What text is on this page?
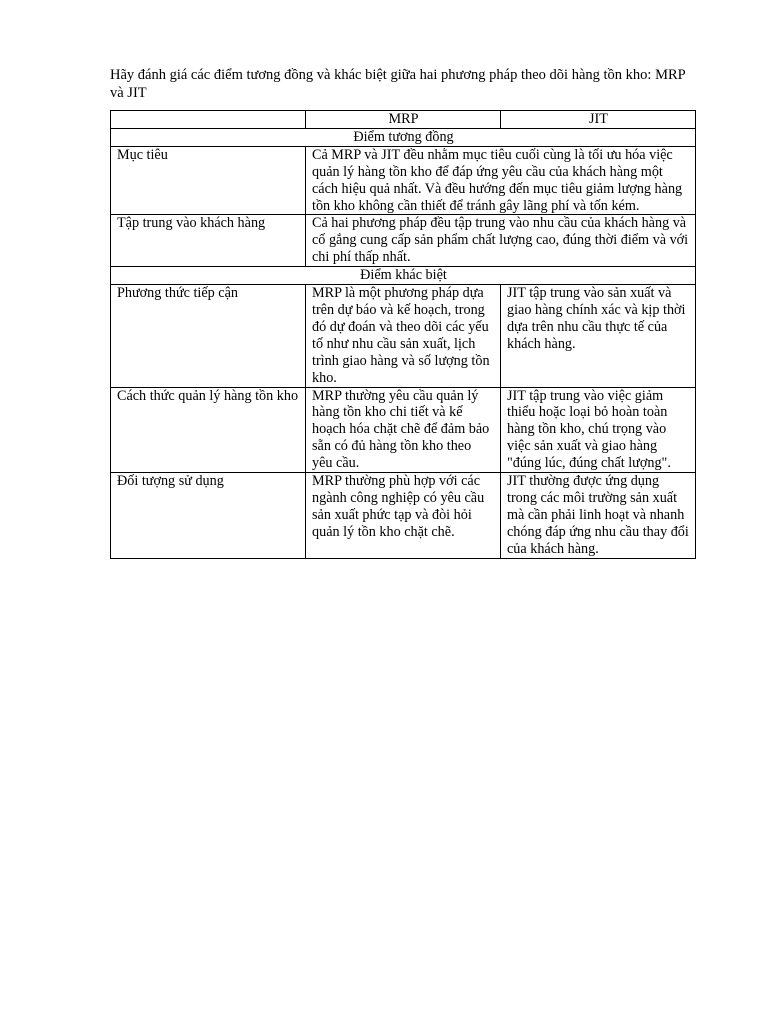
Hãy đánh giá các điểm tương đồng và khác biệt giữa hai phương pháp theo dõi hàng tồn kho: MRP và JIT

	MRP	JIT
Điểm tương đồng		
Mục tiêu	Cả MRP và JIT đều nhằm mục tiêu cuối cùng là tối ưu hóa việc quản lý hàng tồn kho để đáp ứng yêu cầu của khách hàng một cách hiệu quả nhất. Và đều hướng đến mục tiêu giảm lượng hàng tồn kho không cần thiết để tránh gây lãng phí và tốn kém.	
Tập trung vào khách hàng	Cả hai phương pháp đều tập trung vào nhu cầu của khách hàng và cố gắng cung cấp sản phẩm chất lượng cao, đúng thời điểm và với chi phí thấp nhất.	
Điểm khác biệt		
Phương thức tiếp cận	MRP là một phương pháp dựa trên dự báo và kế hoạch, trong đó dự đoán và theo dõi các yếu tố như nhu cầu sản xuất, lịch trình giao hàng và số lượng tồn kho.	JIT tập trung vào sản xuất và giao hàng chính xác và kịp thời dựa trên nhu cầu thực tế của khách hàng.
Cách thức quản lý hàng tồn kho	MRP thường yêu cầu quản lý hàng tồn kho chi tiết và kế hoạch hóa chặt chẽ để đảm bảo sẵn có đủ hàng tồn kho theo yêu cầu.	JIT tập trung vào việc giảm thiểu hoặc loại bỏ hoàn toàn hàng tồn kho, chú trọng vào việc sản xuất và giao hàng "đúng lúc, đúng chất lượng".
Đối tượng sử dụng	MRP thường phù hợp với các ngành công nghiệp có yêu cầu sản xuất phức tạp và đòi hỏi quản lý tồn kho chặt chẽ.	JIT thường được ứng dụng trong các môi trường sản xuất mà cần phải linh hoạt và nhanh chóng đáp ứng nhu cầu thay đổi của khách hàng.
